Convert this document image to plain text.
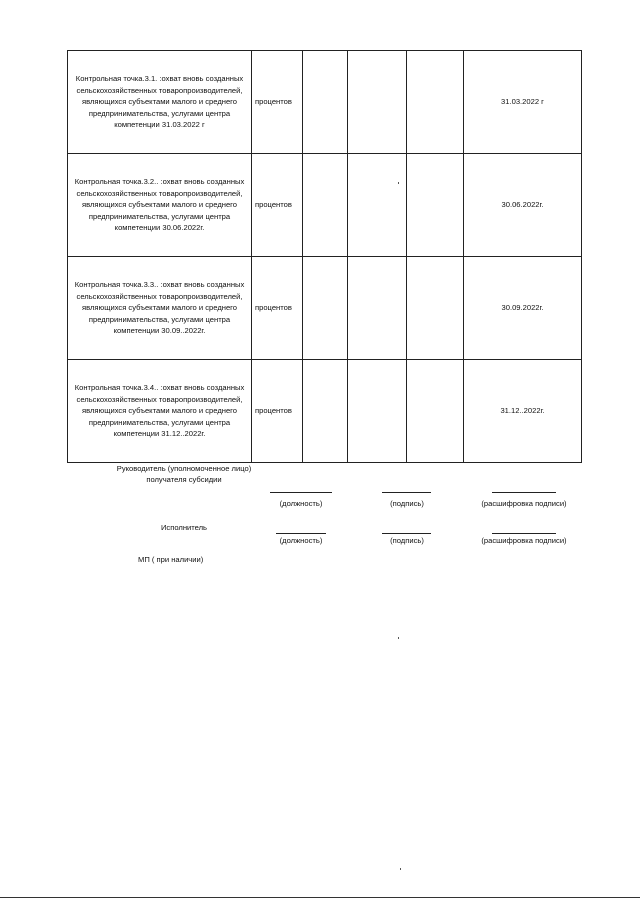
Контрольная точка.3.1. :охват вновь созданных сельскохозяйственных товаропроизводителей, являющихся субъектами малого и среднего предпринимательства, услугами центра компетенции 31.03.2022 г	процентов				31.03.2022 г
Контрольная точка.3.2.. :охват вновь созданных сельскохозяйственных товаропроизводителей, являющихся субъектами малого и среднего предпринимательства, услугами центра компетенции 30.06.2022г.	процентов				30.06.2022г.
Контрольная точка.3.3.. :охват вновь созданных сельскохозяйственных товаропроизводителей, являющихся субъектами малого и среднего предпринимательства, услугами центра компетенции 30.09..2022г.	процентов				30.09.2022г.
Контрольная точка.3.4.. :охват вновь созданных сельскохозяйственных товаропроизводителей, являющихся субъектами малого и среднего предпринимательства, услугами центра компетенции 31.12..2022г.	процентов				31.12..2022г.
Руководитель (уполномоченное лицо) получателя субсидии
(должность)	(подпись)	(расшифровка подписи)
Исполнитель
(должность)	(подпись)	(расшифровка подписи)
МП ( при наличии)
